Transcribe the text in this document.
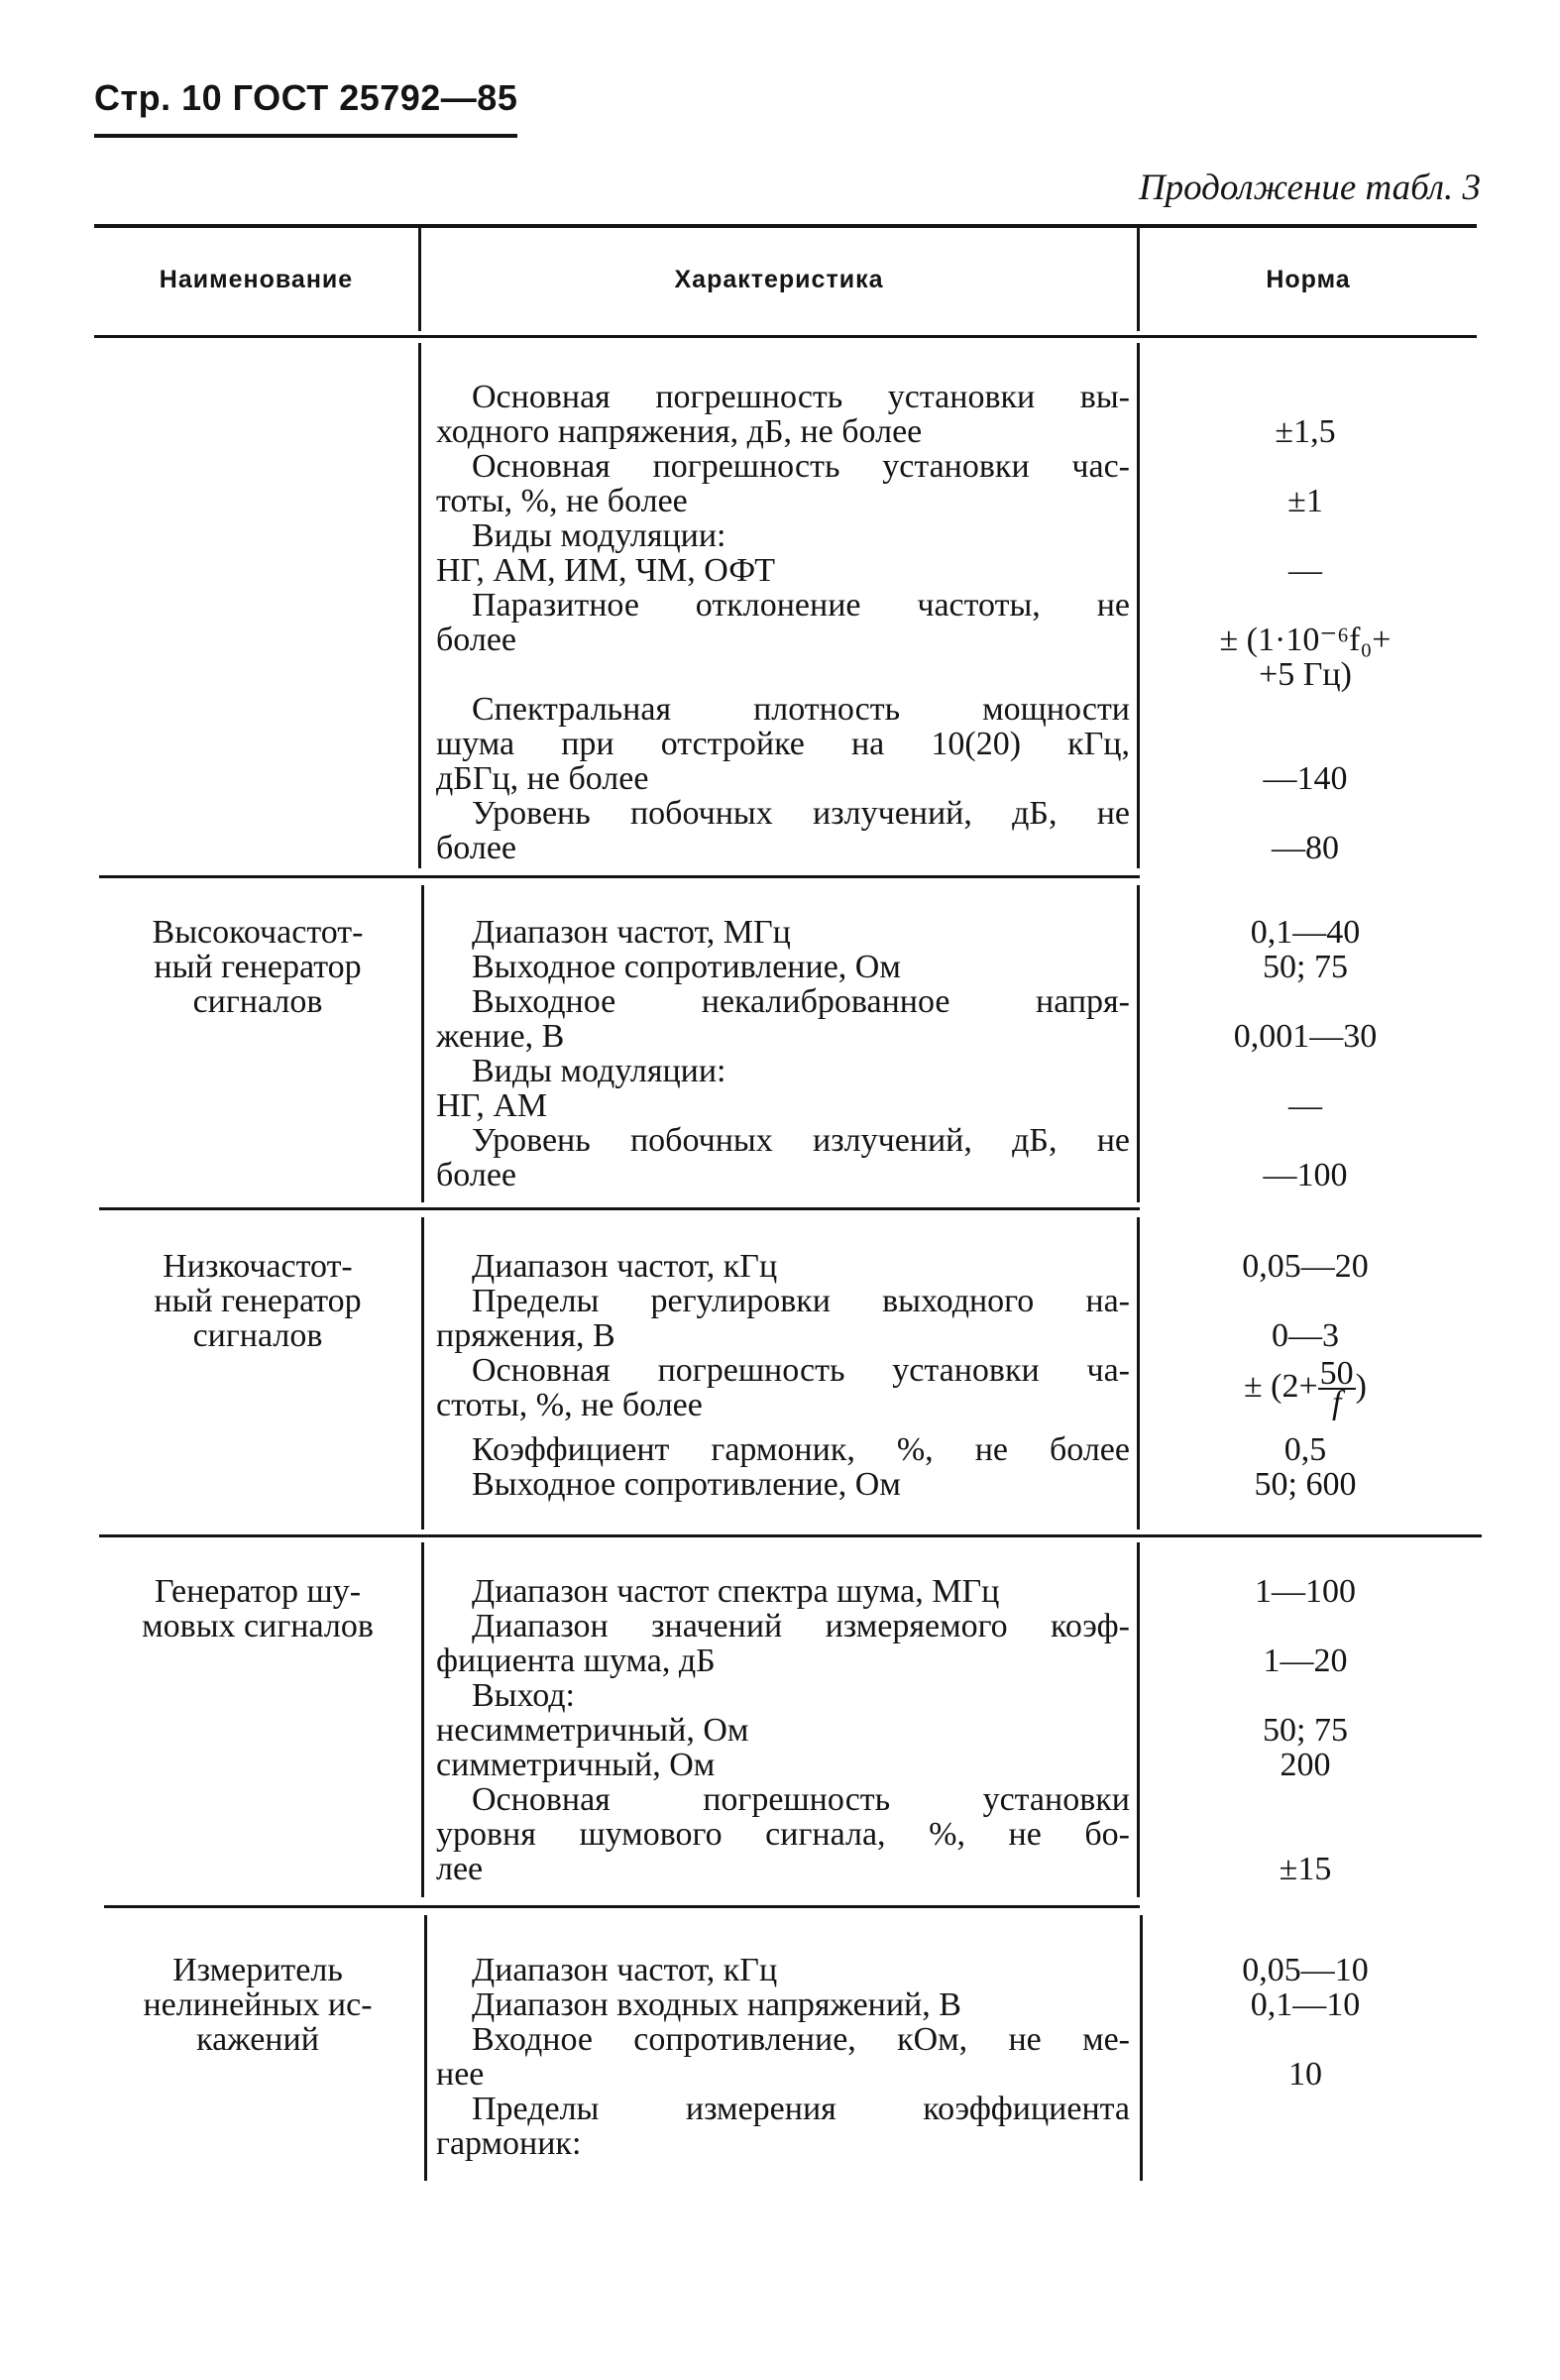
Стр. 10 ГОСТ 25792—85
Продолжение табл. 3
Наименование	Характеристика	Норма
Основная погрешность установки вы-
ходного напряжения, дБ, не более
Основная погрешность установки час-
тоты, %, не более
Виды модуляции:
НГ, АМ, ИМ, ЧМ, ОФТ
Паразитное отклонение частоты, не
более
Спектральная плотность мощности
шума при отстройке на 10(20) кГц,
дБГц, не более
Уровень побочных излучений, дБ, не
более
±1,5
±1
—
± (1·10⁻⁶f₀+
+5 Гц)
—140
—80
Высокочастот-
ный генератор
сигналов
Диапазон частот, МГц
Выходное сопротивление, Ом
Выходное некалиброванное напря-
жение, В
Виды модуляции:
НГ, АМ
Уровень побочных излучений, дБ, не
более
0,1—40
50; 75
0,001—30
—
—100
Низкочастот-
ный генератор
сигналов
Диапазон частот, кГц
Пределы регулировки выходного на-
пряжения, В
Основная погрешность установки ча-
стоты, %, не более
Коэффициент гармоник, %, не более
Выходное сопротивление, Ом
0,05—20
0—3
± ($2+ \frac{50}{f}$ )
0,5
50; 600
Генератор шу-
мовых сигналов
Диапазон частот спектра шума, МГц
Диапазон значений измеряемого коэф-
фициента шума, дБ
Выход:
несимметричный, Ом
симметричный, Ом
Основная погрешность установки
уровня шумового сигнала, %, не бо-
лее
1—100
1—20
50; 75
200
±15
Измеритель
нелинейных ис-
кажений
Диапазон частот, кГц
Диапазон входных напряжений, В
Входное сопротивление, кОм, не ме-
нее
Пределы измерения коэффициента
гармоник:
0,05—10
0,1—10
10
